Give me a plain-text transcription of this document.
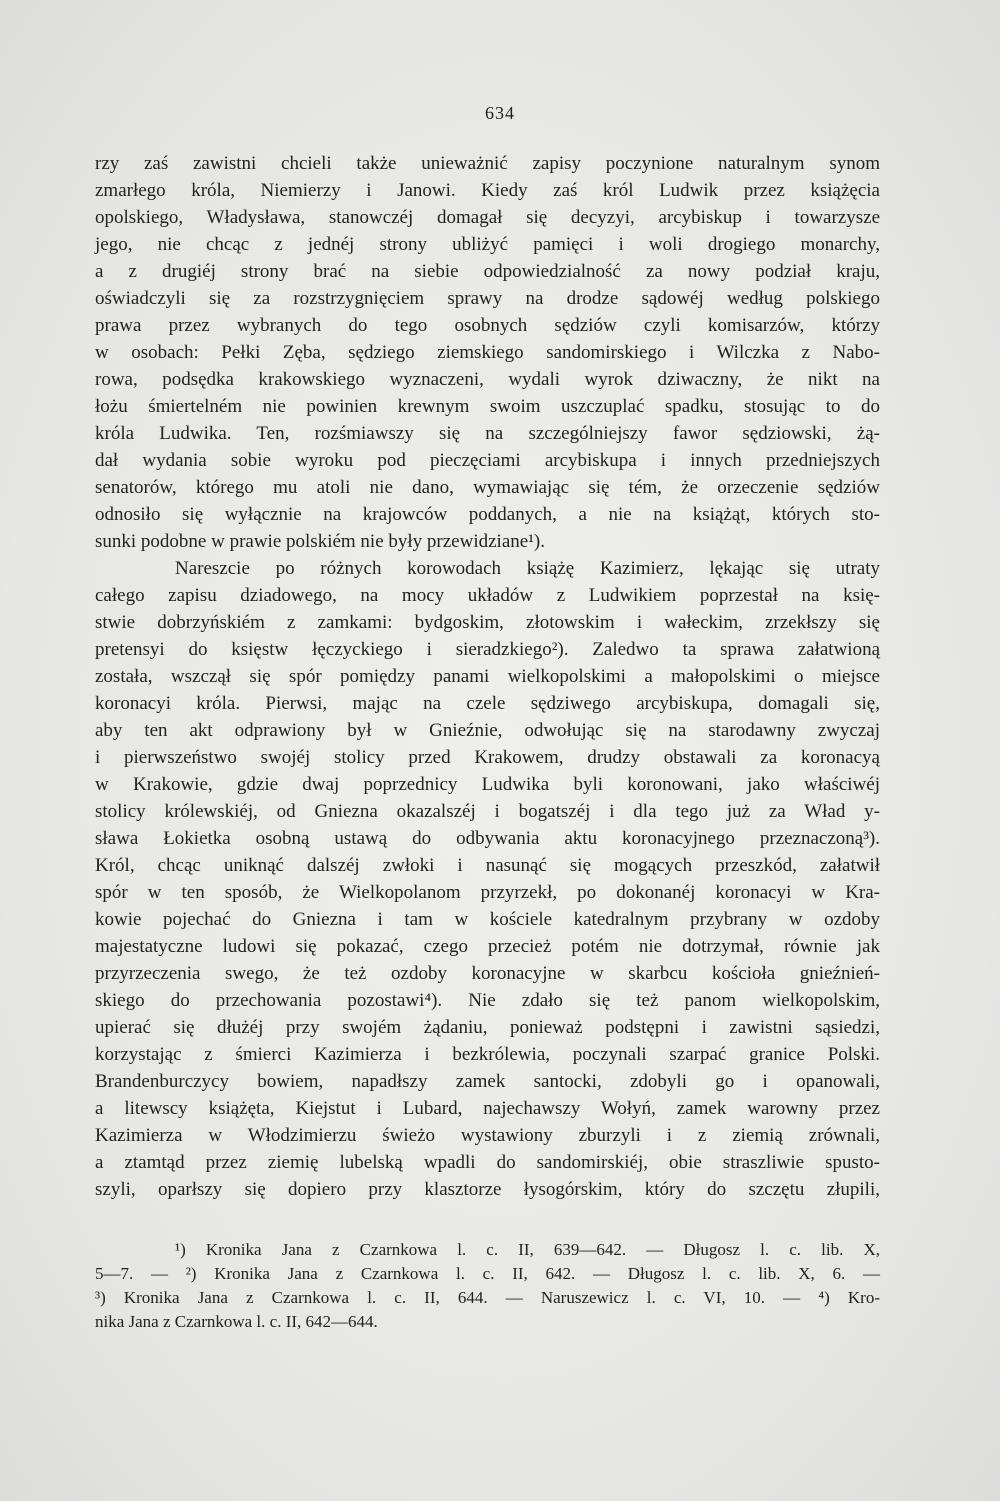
634
rzy zaś zawistni chcieli także unieważnić zapisy poczynione naturalnym synom
zmarłego króla, Niemierzy i Janowi. Kiedy zaś król Ludwik przez książęcia
opolskiego, Władysława, stanowczéj domagał się decyzyi, arcybiskup i towarzysze
jego, nie chcąc z jednéj strony ubliżyć pamięci i woli drogiego monarchy,
a z drugiéj strony brać na siebie odpowiedzialność za nowy podział kraju,
oświadczyli się za rozstrzygnięciem sprawy na drodze sądowéj według polskiego
prawa przez wybranych do tego osobnych sędziów czyli komisarzów, którzy
w osobach: Pełki Zęba, sędziego ziemskiego sandomirskiego i Wilczka z Nabo-
rowa, podsędka krakowskiego wyznaczeni, wydali wyrok dziwaczny, że nikt na
łożu śmiertelném nie powinien krewnym swoim uszczuplać spadku, stosując to do
króla Ludwika. Ten, rozśmiawszy się na szczególniejszy fawor sędziowski, żą-
dał wydania sobie wyroku pod pieczęciami arcybiskupa i innych przedniejszych
senatorów, którego mu atoli nie dano, wymawiając się tém, że orzeczenie sędziów
odnosiło się wyłącznie na krajowców poddanych, a nie na książąt, których sto-
sunki podobne w prawie polskiém nie były przewidziane¹).
Nareszcie po różnych korowodach książę Kazimierz, lękając się utraty
całego zapisu dziadowego, na mocy układów z Ludwikiem poprzestał na księ-
stwie dobrzyńskiém z zamkami: bydgoskim, złotowskim i wałeckim, zrzekłszy się
pretensyi do księstw łęczyckiego i sieradzkiego²). Zaledwo ta sprawa załatwioną
została, wszczął się spór pomiędzy panami wielkopolskimi a małopolskimi o miejsce
koronacyi króla. Pierwsi, mając na czele sędziwego arcybiskupa, domagali się,
aby ten akt odprawiony był w Gnieźnie, odwołując się na starodawny zwyczaj
i pierwszeństwo swojéj stolicy przed Krakowem, drudzy obstawali za koronacyą
w Krakowie, gdzie dwaj poprzednicy Ludwika byli koronowani, jako właściwéj
stolicy królewskiéj, od Gniezna okazalszéj i bogatszéj i dla tego już za Wład y-
sława Łokietka osobną ustawą do odbywania aktu koronacyjnego przeznaczoną³).
Król, chcąc uniknąć dalszéj zwłoki i nasunąć się mogących przeszkód, załatwił
spór w ten sposób, że Wielkopolanom przyrzekł, po dokonanéj koronacyi w Kra-
kowie pojechać do Gniezna i tam w kościele katedralnym przybrany w ozdoby
majestatyczne ludowi się pokazać, czego przecież potém nie dotrzymał, równie jak
przyrzeczenia swego, że też ozdoby koronacyjne w skarbcu kościoła gnieźnień-
skiego do przechowania pozostawi⁴). Nie zdało się też panom wielkopolskim,
upierać się dłużéj przy swojém żądaniu, ponieważ podstępni i zawistni sąsiedzi,
korzystając z śmierci Kazimierza i bezkrólewia, poczynali szarpać granice Polski.
Brandenburczycy bowiem, napadłszy zamek santocki, zdobyli go i opanowali,
a litewscy książęta, Kiejstut i Lubard, najechawszy Wołyń, zamek warowny przez
Kazimierza w Włodzimierzu świeżo wystawiony zburzyli i z ziemią zrównali,
a ztamtąd przez ziemię lubelską wpadli do sandomirskiéj, obie straszliwie spusto-
szyli, oparłszy się dopiero przy klasztorze łysogórskim, który do szczętu złupili,
¹) Kronika Jana z Czarnkowa l. c. II, 639—642. — Długosz l. c. lib. X,
5—7. — ²) Kronika Jana z Czarnkowa l. c. II, 642. — Długosz l. c. lib. X, 6. —
³) Kronika Jana z Czarnkowa l. c. II, 644. — Naruszewicz l. c. VI, 10. — ⁴) Kro-
nika Jana z Czarnkowa l. c. II, 642—644.
